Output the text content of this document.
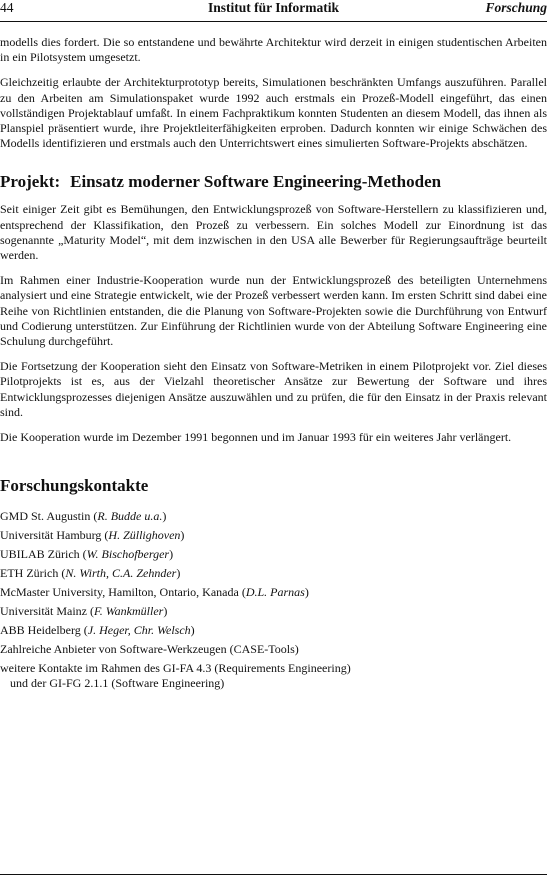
44	Institut für Informatik	Forschung

modells dies fordert. Die so entstandene und bewährte Architektur wird derzeit in einigen studentischen Arbeiten in ein Pilotsystem umgesetzt.

Gleichzeitig erlaubte der Architekturprototyp bereits, Simulationen beschränkten Umfangs auszuführen. Parallel zu den Arbeiten am Simulationspaket wurde 1992 auch erstmals ein Prozeß-Modell eingeführt, das einen vollständigen Projektablauf umfaßt. In einem Fachpraktikum konnten Studenten an diesem Modell, das ihnen als Planspiel präsentiert wurde, ihre Projektleiterfähigkeiten erproben. Dadurch konnten wir einige Schwächen des Modells identifizieren und erstmals auch den Unterrichtswert eines simulierten Software-Projekts abschätzen.

Projekt: Einsatz moderner Software Engineering-Methoden

Seit einiger Zeit gibt es Bemühungen, den Entwicklungsprozeß von Software-Herstellern zu klassifizieren und, entsprechend der Klassifikation, den Prozeß zu verbessern. Ein solches Modell zur Einordnung ist das sogenannte „Maturity Model“, mit dem inzwischen in den USA alle Bewerber für Regierungsaufträge beurteilt werden.

Im Rahmen einer Industrie-Kooperation wurde nun der Entwicklungsprozeß des beteiligten Unternehmens analysiert und eine Strategie entwickelt, wie der Prozeß verbessert werden kann. Im ersten Schritt sind dabei eine Reihe von Richtlinien entstanden, die die Planung von Software-Projekten sowie die Durchführung von Entwurf und Codierung unterstützen. Zur Einführung der Richtlinien wurde von der Abteilung Software Engineering eine Schulung durchgeführt.

Die Fortsetzung der Kooperation sieht den Einsatz von Software-Metriken in einem Pilotprojekt vor. Ziel dieses Pilotprojekts ist es, aus der Vielzahl theoretischer Ansätze zur Bewertung der Software und ihres Entwicklungsprozesses diejenigen Ansätze auszuwählen und zu prüfen, die für den Einsatz in der Praxis relevant sind.

Die Kooperation wurde im Dezember 1991 begonnen und im Januar 1993 für ein weiteres Jahr verlängert.

Forschungskontakte
GMD St. Augustin (R. Budde u.a.)
Universität Hamburg (H. Züllighoven)
UBILAB Zürich (W. Bischofberger)
ETH Zürich (N. Wirth, C.A. Zehnder)
McMaster University, Hamilton, Ontario, Kanada (D.L. Parnas)
Universität Mainz (F. Wankmüller)
ABB Heidelberg (J. Heger, Chr. Welsch)
Zahlreiche Anbieter von Software-Werkzeugen (CASE-Tools)
weitere Kontakte im Rahmen des GI-FA 4.3 (Requirements Engineering)
und der GI-FG 2.1.1 (Software Engineering)
